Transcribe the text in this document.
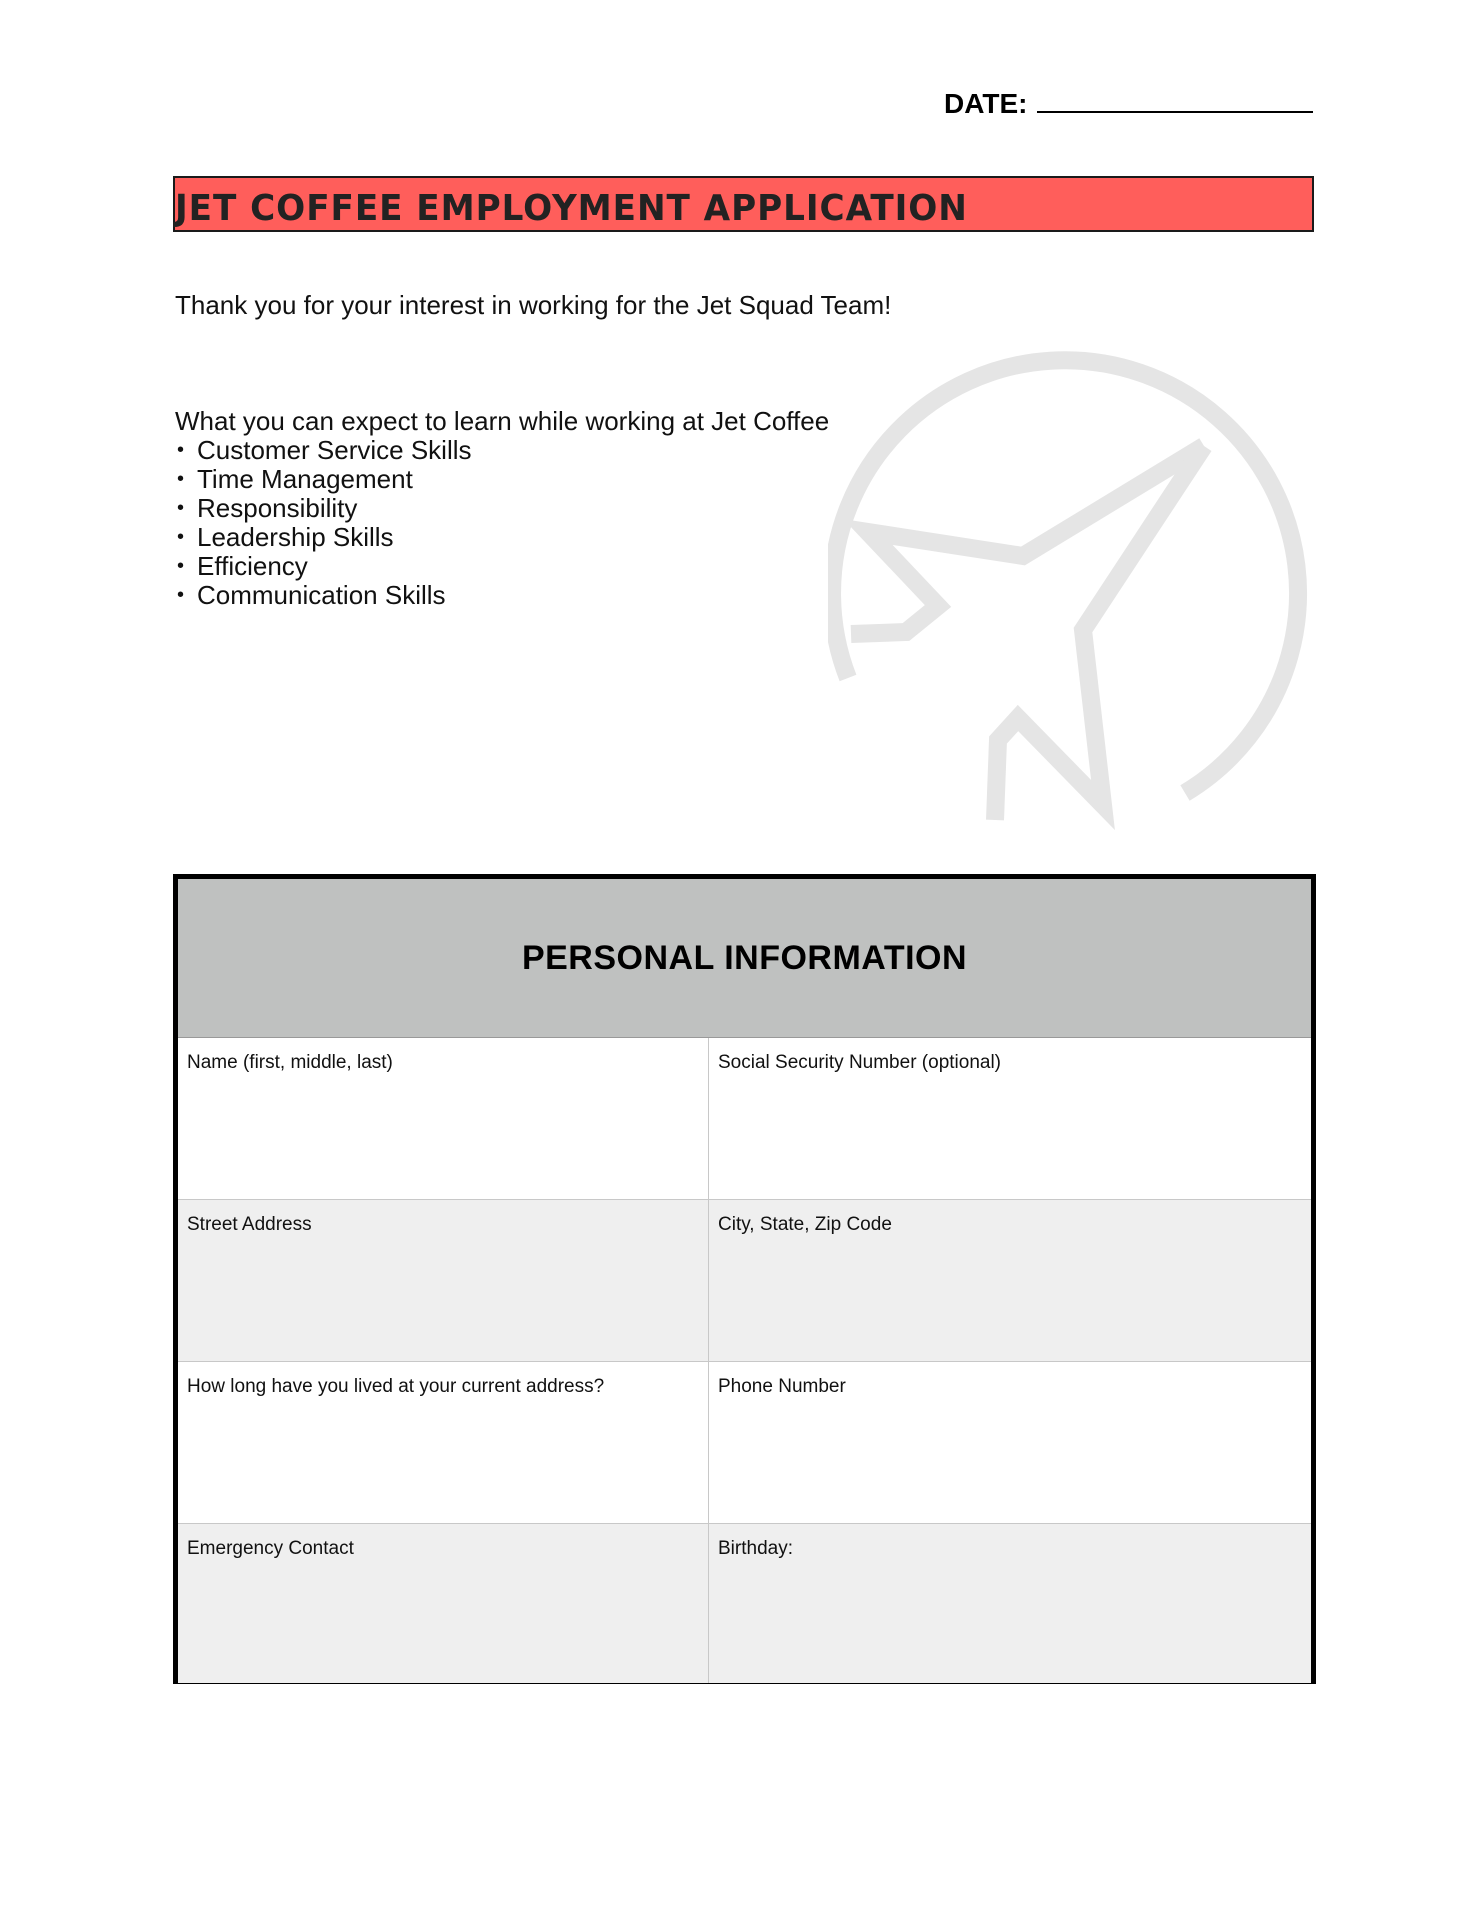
DATE:
JET COFFEE EMPLOYMENT APPLICATION
Thank you for your interest in working for the Jet Squad Team!
What you can expect to learn while working at Jet Coffee
• Customer Service Skills
• Time Management
• Responsibility
• Leadership Skills
• Efficiency
• Communication Skills
PERSONAL INFORMATION
Name (first, middle, last)	Social Security Number (optional)
Street Address	City, State, Zip Code
How long have you lived at your current address?	Phone Number
Emergency Contact	Birthday:
